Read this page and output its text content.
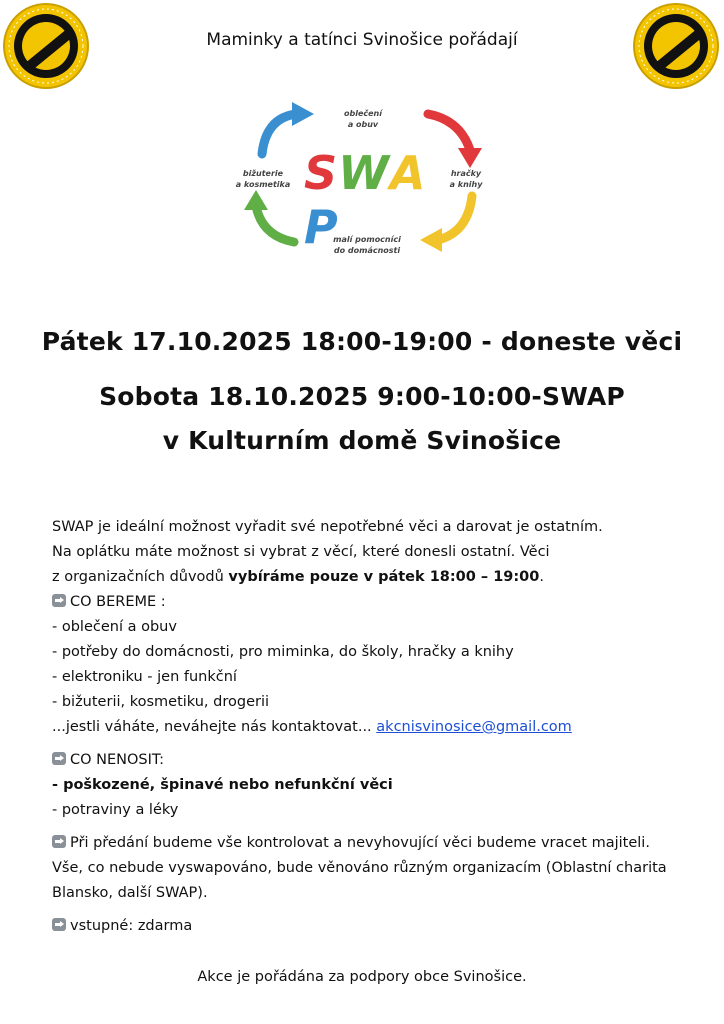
Maminky a tatínci Svinošice pořádají
oblečení
a obuv
hračky
a knihy
malí pomocníci
do domácnosti
bižuterie
a kosmetika SWAP
Pátek 17.10.2025 18:00-19:00 - doneste věci
Sobota 18.10.2025 9:00-10:00-SWAP
v Kulturním domě Svinošice

SWAP je ideální možnost vyřadit své nepotřebné věci a darovat je ostatním.

Na oplátku máte možnost si vybrat z věcí, které donesli ostatní. Věci

z organizačních důvodů vybíráme pouze v pátek 18:00 – 19:00.

CO BEREME :

- oblečení a obuv

- potřeby do domácnosti, pro miminka, do školy, hračky a knihy

- elektroniku - jen funkční

- bižuterii, kosmetiku, drogerii

...jestli váháte, neváhejte nás kontaktovat... akcnisvinosice@gmail.com

CO NENOSIT:

- poškozené, špinavé nebo nefunkční věci

- potraviny a léky

Při předání budeme vše kontrolovat a nevyhovující věci budeme vracet majiteli.

Vše, co nebude vyswapováno, bude věnováno různým organizacím (Oblastní charita

Blansko, další SWAP).

vstupné: zdarma

Akce je pořádána za podpory obce Svinošice.
